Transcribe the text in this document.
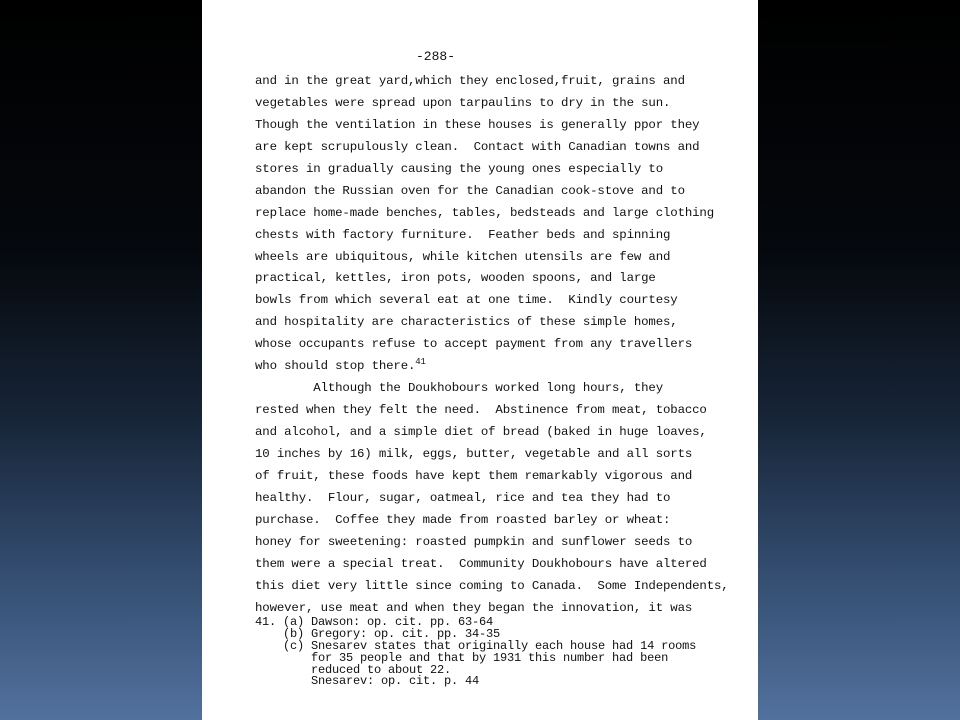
-288-
and in the great yard,which they enclosed,fruit, grains and
vegetables were spread upon tarpaulins to dry in the sun.
Though the ventilation in these houses is generally ppor they
are kept scrupulously clean.  Contact with Canadian towns and
stores in gradually causing the young ones especially to
abandon the Russian oven for the Canadian cook-stove and to
replace home-made benches, tables, bedsteads and large clothing
chests with factory furniture.  Feather beds and spinning
wheels are ubiquitous, while kitchen utensils are few and
practical, kettles, iron pots, wooden spoons, and large
bowls from which several eat at one time.  Kindly courtesy
and hospitality are characteristics of these simple homes,
whose occupants refuse to accept payment from any travellers
who should stop there.$^{41}$
Although the Doukhobours worked long hours, they
rested when they felt the need.  Abstinence from meat, tobacco
and alcohol, and a simple diet of bread (baked in huge loaves,
10 inches by 16) milk, eggs, butter, vegetable and all sorts
of fruit, these foods have kept them remarkably vigorous and
healthy.  Flour, sugar, oatmeal, rice and tea they had to
purchase.  Coffee they made from roasted barley or wheat:
honey for sweetening: roasted pumpkin and sunflower seeds to
them were a special treat.  Community Doukhobours have altered
this diet very little since coming to Canada.  Some Independents,
however, use meat and when they began the innovation, it was
41. (a) Dawson: op. cit. pp. 63-64
(b) Gregory: op. cit. pp. 34-35
(c) Snesarev states that originally each house had 14 rooms
for 35 people and that by 1931 this number had been
reduced to about 22.
Snesarev: op. cit. p. 44
